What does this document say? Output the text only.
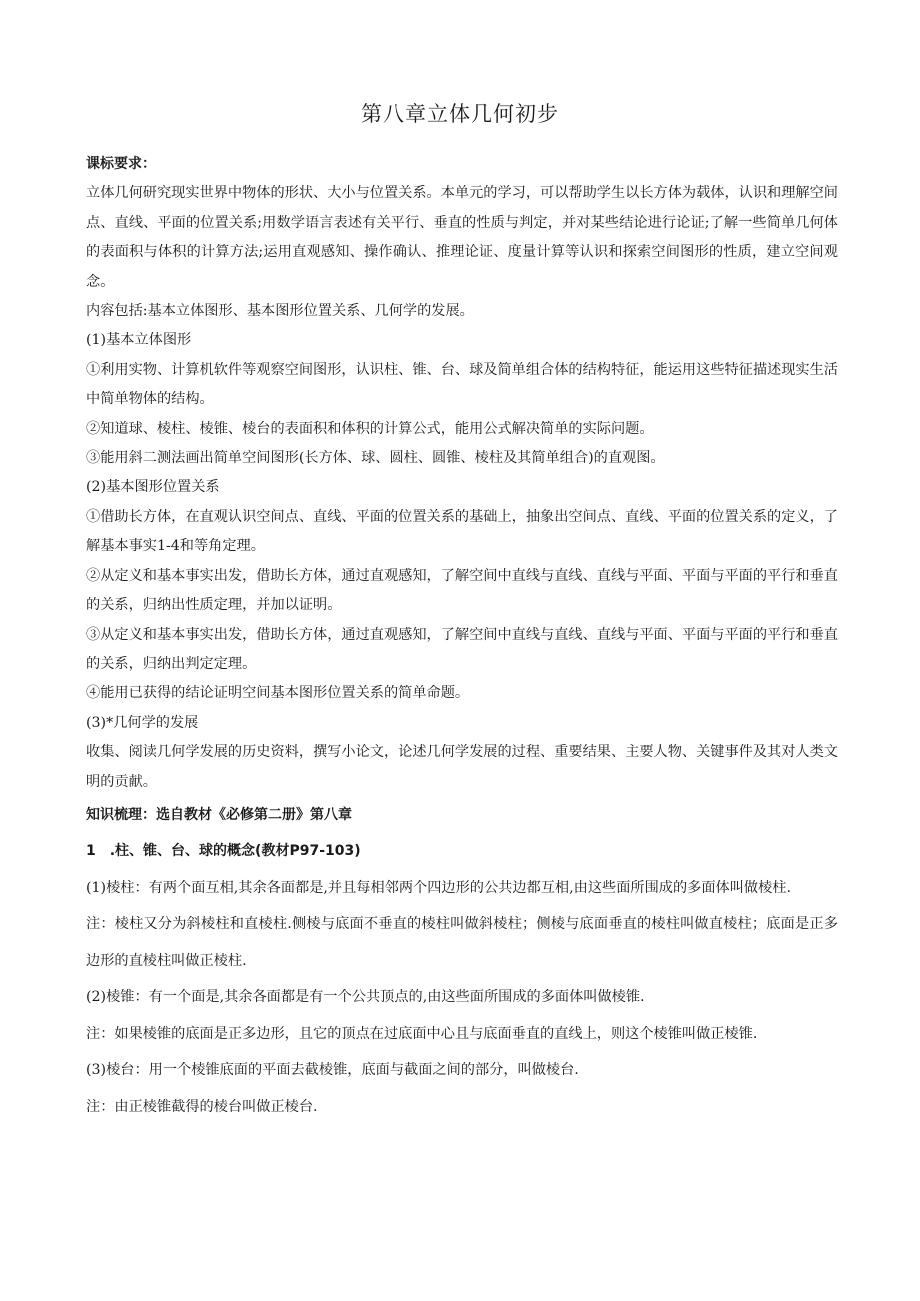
第八章立体几何初步

课标要求：

立体几何研究现实世界中物体的形状、大小与位置关系。本单元的学习，可以帮助学生以长方体为载体，认识和理解空间点、直线、平面的位置关系;用数学语言表述有关平行、垂直的性质与判定，并对某些结论进行论证;了解一些简单几何体的表面积与体积的计算方法;运用直观感知、操作确认、推理论证、度量计算等认识和探索空间图形的性质，建立空间观念。

内容包括:基本立体图形、基本图形位置关系、几何学的发展。

(1)基本立体图形

①利用实物、计算机软件等观察空间图形，认识柱、锥、台、球及简单组合体的结构特征，能运用这些特征描述现实生活中简单物体的结构。

②知道球、棱柱、棱锥、棱台的表面积和体积的计算公式，能用公式解决简单的实际问题。

③能用斜二测法画出简单空间图形(长方体、球、圆柱、圆锥、棱柱及其简单组合)的直观图。

(2)基本图形位置关系

①借助长方体，在直观认识空间点、直线、平面的位置关系的基础上，抽象出空间点、直线、平面的位置关系的定义，了解基本事实1-4和等角定理。

②从定义和基本事实出发，借助长方体，通过直观感知，了解空间中直线与直线、直线与平面、平面与平面的平行和垂直的关系，归纳出性质定理，并加以证明。

③从定义和基本事实出发，借助长方体，通过直观感知，了解空间中直线与直线、直线与平面、平面与平面的平行和垂直的关系，归纳出判定定理。

④能用已获得的结论证明空间基本图形位置关系的简单命题。

(3)*几何学的发展

收集、阅读几何学发展的历史资料，撰写小论文，论述几何学发展的过程、重要结果、主要人物、关键事件及其对人类文明的贡献。

知识梳理：选自教材《必修第二册》第八章

1　.柱、锥、台、球的概念(教材P97-103)

(1)棱柱：有两个面互相,其余各面都是,并且每相邻两个四边形的公共边都互相,由这些面所围成的多面体叫做棱柱.

注：棱柱又分为斜棱柱和直棱柱.侧棱与底面不垂直的棱柱叫做斜棱柱；侧棱与底面垂直的棱柱叫做直棱柱；底面是正多边形的直棱柱叫做正棱柱.

(2)棱锥：有一个面是,其余各面都是有一个公共顶点的,由这些面所围成的多面体叫做棱锥.

注：如果棱锥的底面是正多边形，且它的顶点在过底面中心且与底面垂直的直线上，则这个棱锥叫做正棱锥.

(3)棱台：用一个棱锥底面的平面去截棱锥，底面与截面之间的部分，叫做棱台.

注：由正棱锥截得的棱台叫做正棱台.
